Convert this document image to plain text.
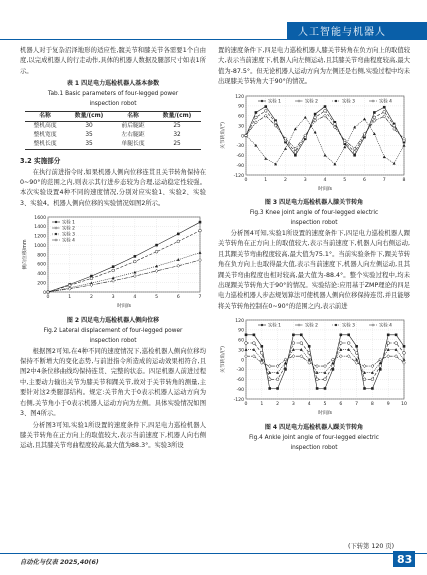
人工智能与机器人

机器人对于复杂沼泽地形的适应性,髋关节和膝关节各需要1个自由度,以完成机器人的行走动作,具体的机器人数据及腿部尺寸如表1所示。

表 1 四足电力巡检机器人基本参数
Tab.1 Basic parameters of four-legged power
inspection robot
名称	数量/(cm)	名称	数量/(cm)
整机高度	30	前后腿距	25
整机宽度	35	左右腿距	32
整机长度	35	单腿长度	25
3.2 实施部分

在执行前进指令时,如果机器人侧向位移连贯且关节转角保持在0~90°的范围之内,则表示其行进步态较为合理,运动稳定性较强。本次实验设置4种不同的速度情况,分别对应实验1、实验2、实验3、实验4。机器人侧向位移的实验情况如图2所示。

0
200
400
600
800
1000
1200
1400
1600
0	1	2	3	4	5	6	7
时间/s
侧向位移/mm
实验 1
实验 2
实验 3
实验 4
图 2 四足电力巡检机器人侧向位移
Fig.2 Lateral displacement of four-legged power
inspection robot

根据图2可知,在4种不同的速度情况下,巡检机器人侧向位移均保持不断增大的变化态势,与前进指令所造成的运动效果相符合,且图2中4条位移曲线均保持连贯、完整的状态。四足机器人前进过程中,主要动力输出关节为膝关节和踝关节,故对于关节转角的测量,主要针对这2类腿部结构。规定:关节角大于0表示机器人运动方向为右侧,关节角小于0表示机器人运动方向为左侧。具体实验情况如图3、图4所示。

分析图3可知,实验1所设置的速度条件下,四足电力巡检机器人膝关节转角在正方向上的取值较大,表示当前速度下,机器人向右侧运动,且其膝关节弯曲程度较高,最大值为88.3°。实验3所设

置的速度条件下,四足电力巡检机器人膝关节转角在负方向上的取值较大,表示当前速度下,机器人向左侧运动,且其膝关节弯曲程度较高,最大值为-87.5°。但无论机器人运动方向为左侧还是右侧,实验过程中均未出现膝关节转角大于90°的情况。

-120
-90
-60
-30
0
30
60
90
120
0	1	2	3	4	5	6	7	8
时间/s
关节转角/(°)
实验 1	实验 2	实验 3	实验 4
图 3 四足电力巡检机器人膝关节转角
Fig.3 Knee joint angle of four-legged electric
inspection robot

分析图4可知,实验1所设置的速度条件下,四足电力巡检机器人踝关节转角在正方向上的取值较大,表示当前速度下,机器人向右侧运动,且其踝关节弯曲程度较高,最大值为75.1°。当前实验条件下,踝关节转角在负方向上也取得最大值,表示当前速度下,机器人向左侧运动,且其踝关节弯曲程度也相对较高,最大值为-88.4°。整个实验过程中,均未出现踝关节转角大于90°的情况。实验结论:应用基于ZMP理论的四足电力巡检机器人步态规划算法可使机器人侧向位移保持连贯,并且能够将关节转角控制在0~90°的范围之内,表示前进

-120
-90
-60
-30
0
30
60
90
120
0	1	2	3	4	5	6	7	8	9 10
时间/s
关节转角/(°)
实验 1	实验 2	实验 3	实验 4
图 4 四足电力巡检机器人踝关节转角
Fig.4 Ankle joint angle of four-legged electric
inspection robot
(下转第 120 页)
自动化与仪表 2025,40(6)	83
